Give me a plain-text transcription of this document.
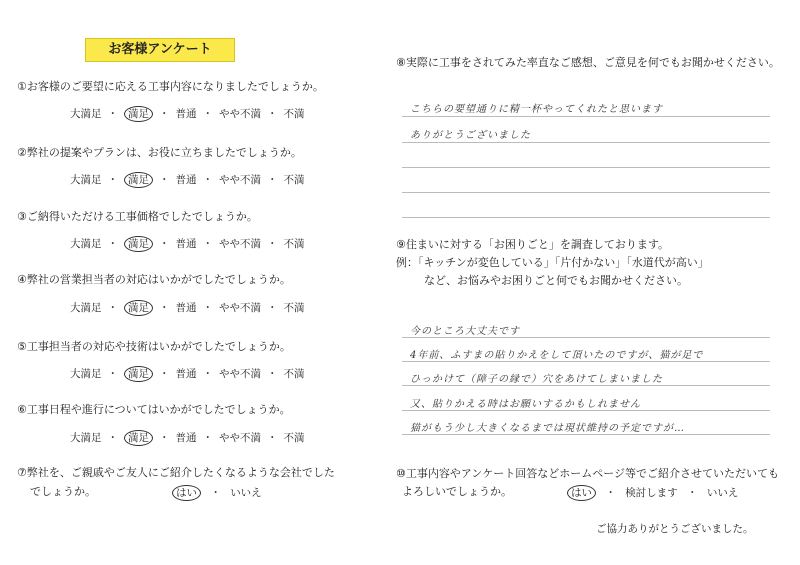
お客様アンケート
①お客様のご要望に応える工事内容になりましたでしょうか。
大満足 ・ 満足 ・ 普通 ・ やや不満 ・ 不満
②弊社の提案やプランは、お役に立ちましたでしょうか。
大満足 ・ 満足 ・ 普通 ・ やや不満 ・ 不満
③ご納得いただける工事価格でしたでしょうか。
大満足 ・ 満足 ・ 普通 ・ やや不満 ・ 不満
④弊社の営業担当者の対応はいかがでしたでしょうか。
大満足 ・ 満足 ・ 普通 ・ やや不満 ・ 不満
⑤工事担当者の対応や技術はいかがでしたでしょうか。
大満足 ・ 満足 ・ 普通 ・ やや不満 ・ 不満
⑥工事日程や進行についてはいかがでしたでしょうか。
大満足 ・ 満足 ・ 普通 ・ やや不満 ・ 不満
⑦弊社を、ご親戚やご友人にご紹介したくなるような会社でした
でしょうか。	はい ・ いいえ
⑧実際に工事をされてみた率直なご感想、ご意見を何でもお聞かせください。
こちらの要望通りに精一杯やってくれたと思います
ありがとうございました
⑨住まいに対する「お困りごと」を調査しております。
例：「キッチンが変色している」「片付かない」「水道代が高い」
など、お悩みやお困りごと何でもお聞かせください。
今のところ大丈夫です
4年前、ふすまの貼りかえをして頂いたのですが、猫が足で
ひっかけて（障子の縁で）穴をあけてしまいました
又、貼りかえる時はお願いするかもしれません
猫がもう少し大きくなるまでは現状維持の予定ですが…
⑩工事内容やアンケート回答などホームページ等でご紹介させていただいても
よろしいでしょうか。	はい ・ 検討します ・ いいえ
ご協力ありがとうございました。
